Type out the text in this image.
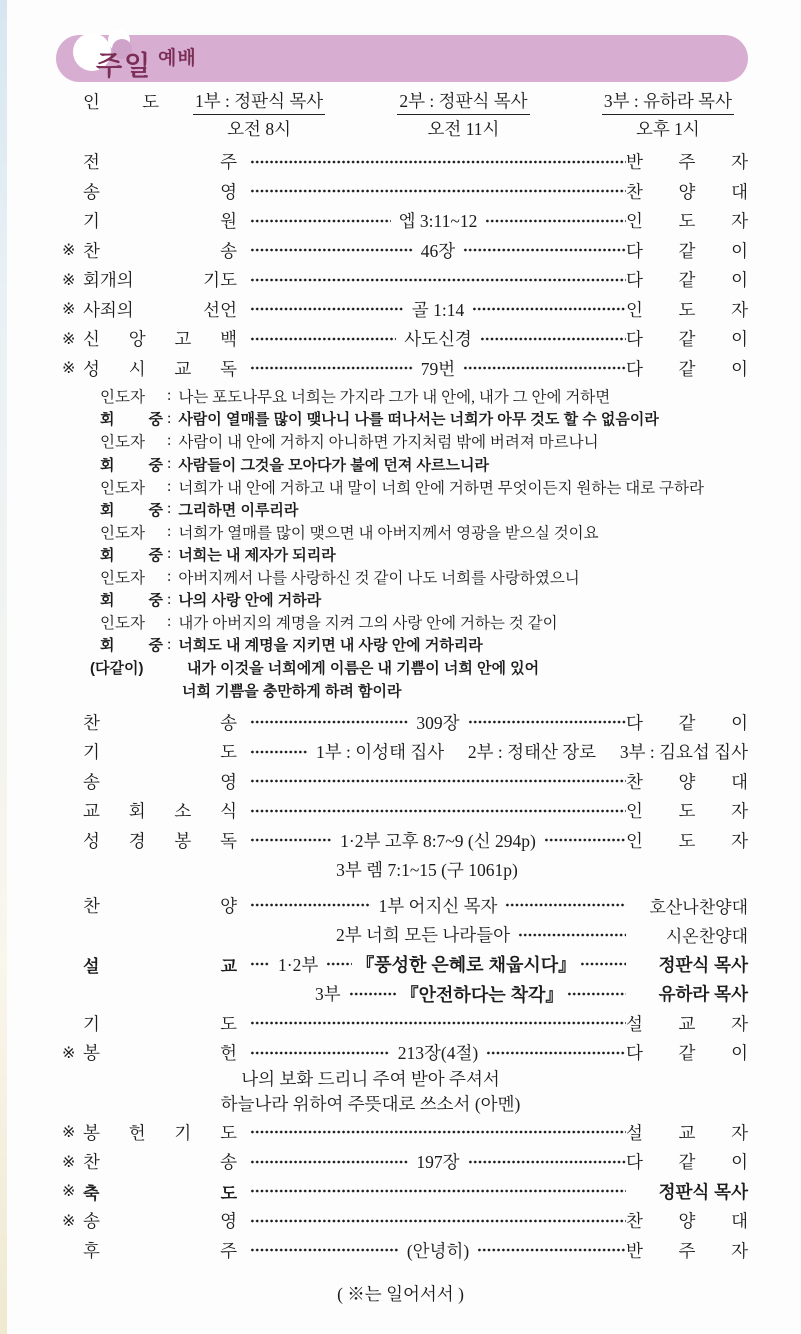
주일 예배
인 도 1부 : 정판식 목사
오전 8시
2부 : 정판식 목사
오전 11시
3부 : 유하라 목사
오후 1시
전 주	반 주 자
송 영	찬 양 대
기 원	엡 3:11~12	인 도 자
※ 찬 송	46장	다 같 이
※ 회개의 기도	다 같 이
※ 사죄의 선언	골 1:14	인 도 자
※ 신 앙 고 백	사도신경	다 같 이
※ 성 시 교 독	79번	다 같 이
인도자	: 나는 포도나무요 너희는 가지라 그가 내 안에, 내가 그 안에 거하면
회 중 : 사람이 열매를 많이 맺나니 나를 떠나서는 너희가 아무 것도 할 수 없음이라
인도자	: 사람이 내 안에 거하지 아니하면 가지처럼 밖에 버려져 마르나니
회 중 : 사람들이 그것을 모아다가 불에 던져 사르느니라
인도자	: 너희가 내 안에 거하고 내 말이 너희 안에 거하면 무엇이든지 원하는 대로 구하라
회 중 : 그리하면 이루리라
인도자	: 너희가 열매를 많이 맺으면 내 아버지께서 영광을 받으실 것이요
회 중 : 너희는 내 제자가 되리라
인도자	: 아버지께서 나를 사랑하신 것 같이 나도 너희를 사랑하였으니
회 중 : 나의 사랑 안에 거하라
인도자	: 내가 아버지의 계명을 지켜 그의 사랑 안에 거하는 것 같이
회 중 : 너희도 내 계명을 지키면 내 사랑 안에 거하리라
(다같이)	내가 이것을 너희에게 이름은 내 기쁨이 너희 안에 있어
너희 기쁨을 충만하게 하려 함이라
찬 송	309장	다 같 이
기 도	1부 : 이성태 집사 2부 : 정태산 장로 3부 : 김요섭 집사
송 영	찬 양 대
교 회 소 식	인 도 자
성 경 봉 독	1·2부 고후 8:7~9 (신 294p)	인 도 자
3부 렘 7:1~15 (구 1061p)
찬 양	1부 어지신 목자	호산나찬양대
2부 너희 모든 나라들아	시온찬양대
설 교	1·2부	『풍성한 은혜로 채웁시다』	정판식 목사
3부	『안전하다는 착각』	유하라 목사
기 도	설 교 자
※ 봉 헌	213장(4절)	다 같 이
나의 보화 드리니 주여 받아 주셔서
하늘나라 위하여 주뜻대로 쓰소서 (아멘)
※ 봉 헌 기 도	설 교 자
※ 찬 송	197장	다 같 이
※ 축 도	정판식 목사
※ 송 영	찬 양 대
후 주	(안녕히)	반 주 자
( ※는 일어서서 )
